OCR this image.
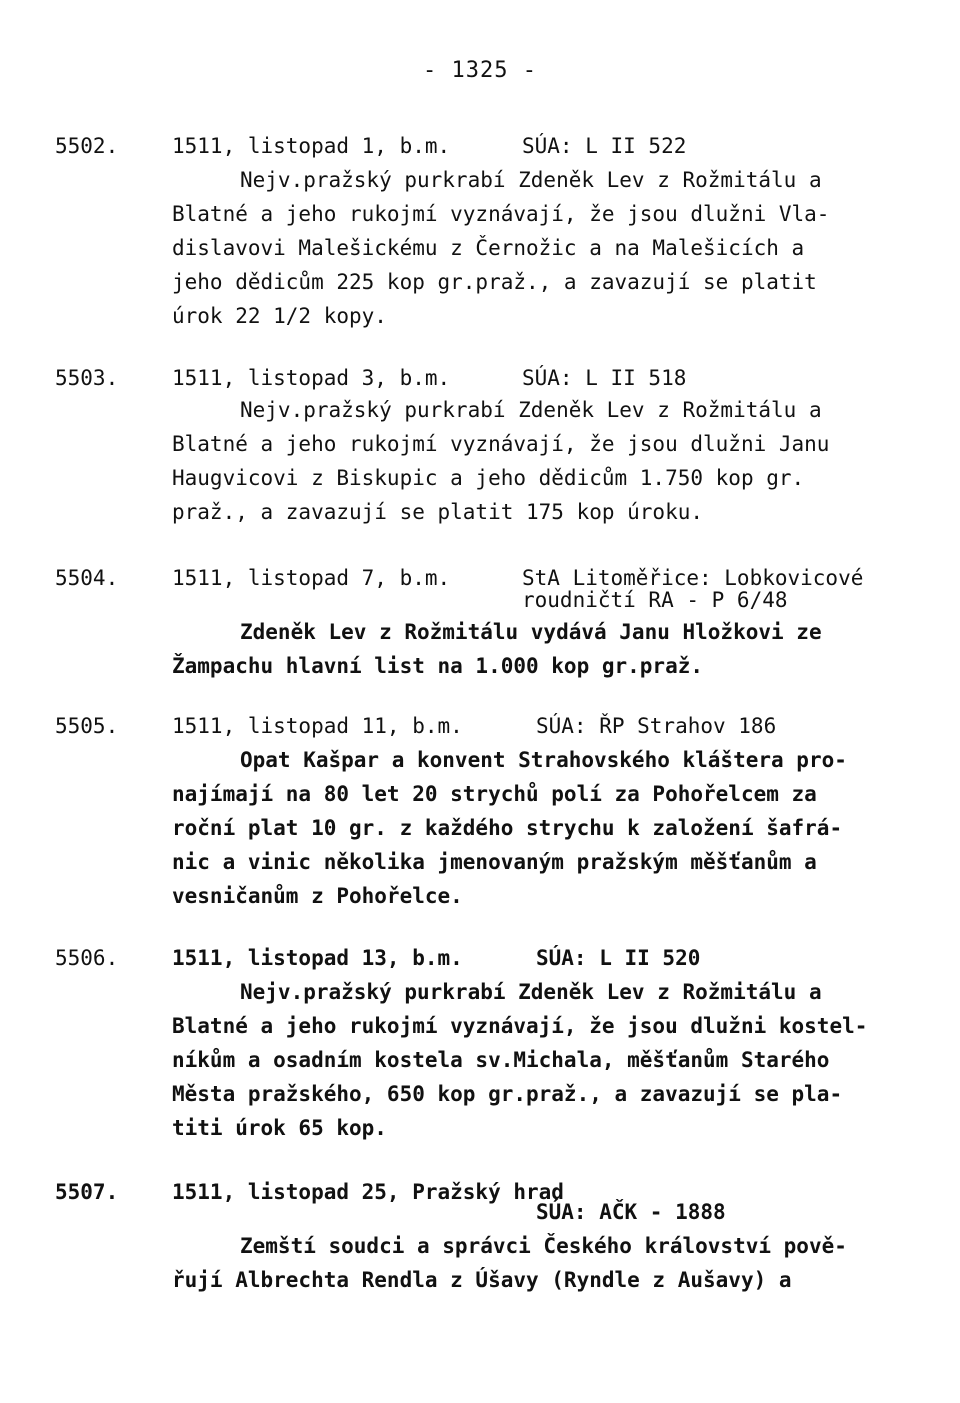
- 1325 -
5502.	1511, listopad 1, b.m.	SÚA: L II 522
Nejv.pražský purkrabí Zdeněk Lev z Rožmitálu a
Blatné a jeho rukojmí vyznávají, že jsou dlužni Vla-
dislavovi Malešickému z Černožic a na Malešicích a
jeho dědicům 225 kop gr.praž., a zavazují se platit
úrok 22 1/2 kopy.
5503.	1511, listopad 3, b.m.	SÚA: L II 518
Nejv.pražský purkrabí Zdeněk Lev z Rožmitálu a
Blatné a jeho rukojmí vyznávají, že jsou dlužni Janu
Haugvicovi z Biskupic a jeho dědicům 1.750 kop gr.
praž., a zavazují se platit 175 kop úroku.
5504.	1511, listopad 7, b.m.	StA Litoměřice: Lobkovicové
roudničtí RA - P 6/48
Zdeněk Lev z Rožmitálu vydává Janu Hložkovi ze
Žampachu hlavní list na 1.000 kop gr.praž.
5505.	1511, listopad 11, b.m.	SÚA: ŘP Strahov 186
Opat Kašpar a konvent Strahovského kláštera pro-
najímají na 80 let 20 strychů polí za Pohořelcem za
roční plat 10 gr. z každého strychu k založení šafrá-
nic a vinic několika jmenovaným pražským měšťanům a
vesničanům z Pohořelce.
5506.	1511, listopad 13, b.m.	SÚA: L II 520
Nejv.pražský purkrabí Zdeněk Lev z Rožmitálu a
Blatné a jeho rukojmí vyznávají, že jsou dlužni kostel-
níkům a osadním kostela sv.Michala, měšťanům Starého
Města pražského, 650 kop gr.praž., a zavazují se pla-
titi úrok 65 kop.
5507.	1511, listopad 25, Pražský hrad
SÚA: AČK - 1888
Zemští soudci a správci Českého království pově-
řují Albrechta Rendla z Úšavy (Ryndle z Aušavy) a
